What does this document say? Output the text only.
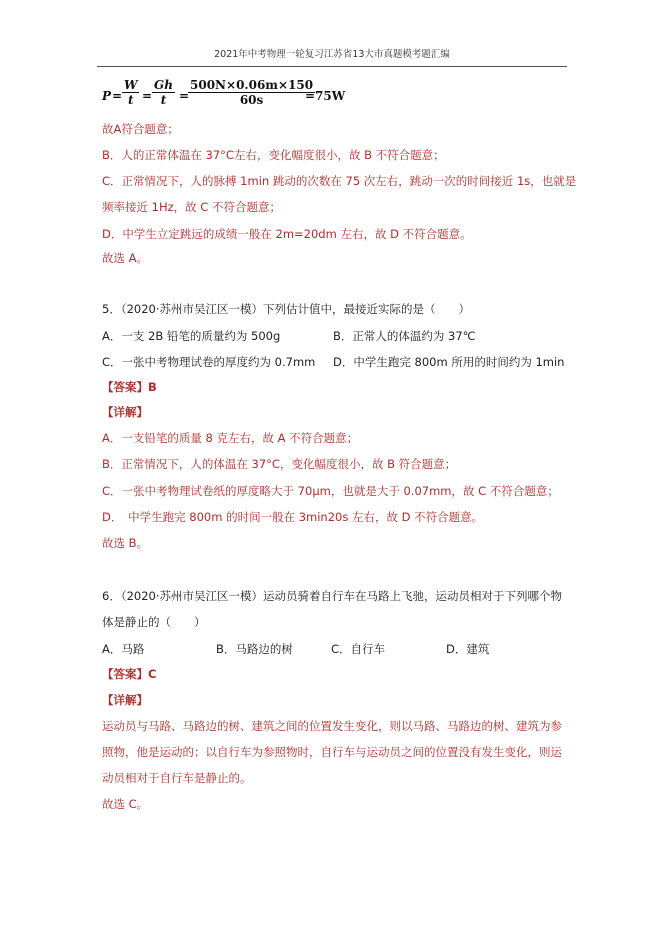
2021年中考物理一轮复习江苏省13大市真题模考题汇编
$P = \frac{W}{t} = \frac{Gh}{t}$ =
$\frac{500N\times 0.06m\times 150}{60s}$
=75W
故A符合题意；
B．人的正常体温在 37°C左右，变化幅度很小，故 B 不符合题意；
C．正常情况下，人的脉搏 1min 跳动的次数在 75 次左右，跳动一次的时间接近 1s，也就是
频率接近 1Hz，故 C 不符合题意；
D．中学生立定跳远的成绩一般在 2m=20dm 左右，故 D 不符合题意。
故选 A。
5．（2020·苏州市吴江区一模）下列估计值中，最接近实际的是（　　）
A．一支 2B 铅笔的质量约为 500g	B．正常人的体温约为 37℃
C．一张中考物理试卷的厚度约为 0.7mm D．中学生跑完 800m 所用的时间约为 1min
【答案】B
【详解】
A．一支铅笔的质量 8 克左右，故 A 不符合题意；
B．正常情况下，人的体温在 37°C，变化幅度很小，故 B 符合题意；
C．一张中考物理试卷纸的厚度略大于 70μm，也就是大于 0.07mm，故 C 不符合题意；
D．　中学生跑完 800m 的时间一般在 3min20s 左右，故 D 不符合题意。
故选 B。
6．（2020·苏州市吴江区一模）运动员骑着自行车在马路上飞驰，运动员相对于下列哪个物
体是静止的（　　）
A．马路	B．马路边的树	C．自行车	D．建筑
【答案】C
【详解】
运动员与马路、马路边的树、建筑之间的位置发生变化，则以马路、马路边的树、建筑为参
照物，他是运动的；以自行车为参照物时，自行车与运动员之间的位置没有发生变化，则运
动员相对于自行车是静止的。
故选 C。
